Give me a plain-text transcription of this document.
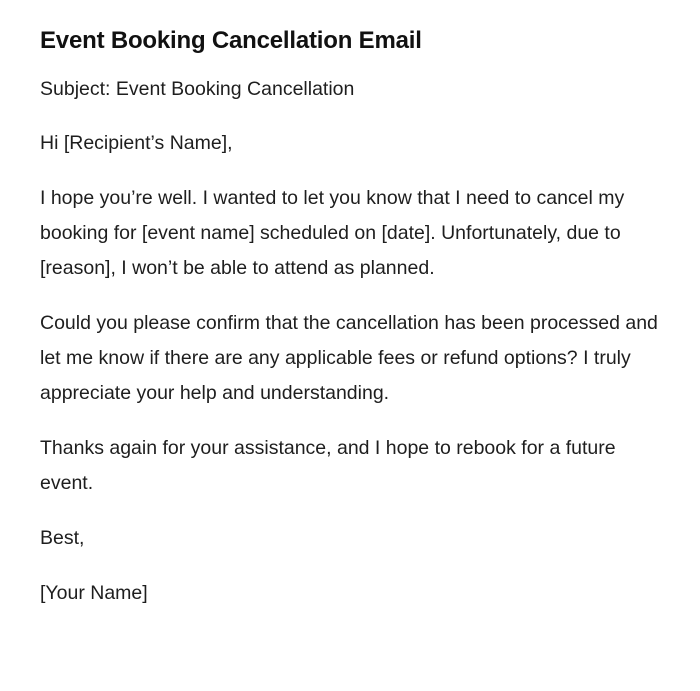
Event Booking Cancellation Email

Subject: Event Booking Cancellation

Hi [Recipient’s Name],

I hope you’re well. I wanted to let you know that I need to cancel my booking for [event name] scheduled on [date]. Unfortunately, due to [reason], I won’t be able to attend as planned.

Could you please confirm that the cancellation has been processed and let me know if there are any applicable fees or refund options? I truly appreciate your help and understanding.

Thanks again for your assistance, and I hope to rebook for a future event.

Best,

[Your Name]
